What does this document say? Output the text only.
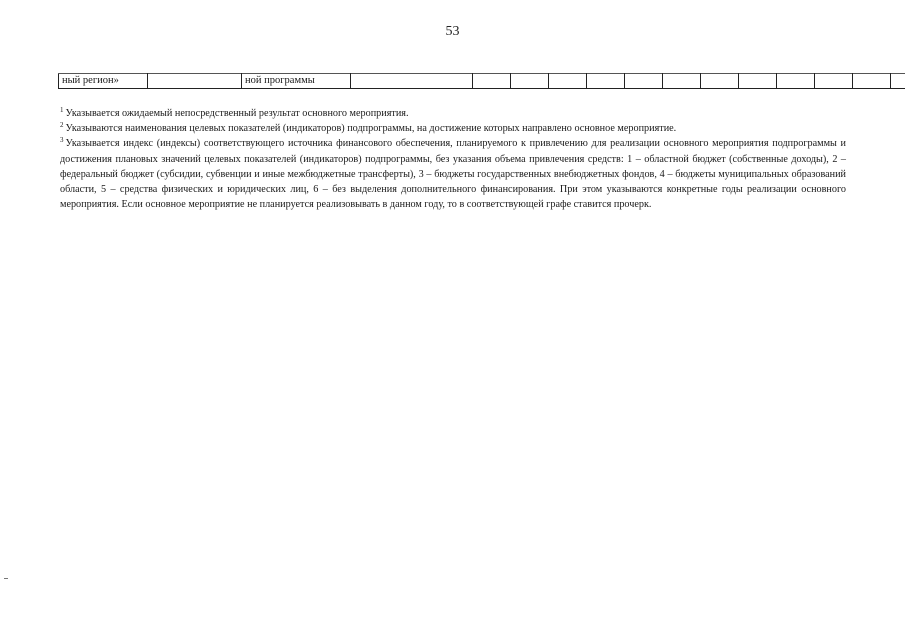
53
ный регион»		ной программы													

$^1$ Указывается ожидаемый непосредственный результат основного мероприятия.

$^2$ Указываются наименования целевых показателей (индикаторов) подпрограммы, на достижение которых направлено основное мероприятие.

$^3$ Указывается индекс (индексы) соответствующего источника финансового обеспечения, планируемого к привлечению для реализации основного мероприятия подпрограммы и достижения плановых значений целевых показателей (индикаторов) подпрограммы, без указания объема привлечения средств: 1 – областной бюджет (собственные доходы), 2 – федеральный бюджет (субсидии, субвенции и иные межбюджетные трансферты), 3 – бюджеты государственных внебюджетных фондов, 4 – бюджеты муниципальных образований области, 5 – средства физических и юридических лиц, 6 – без выделения дополнительного финансирования. При этом указываются конкретные годы реализации основного мероприятия. Если основное мероприятие не планируется реализовывать в данном году, то в соответствующей графе ставится прочерк.
